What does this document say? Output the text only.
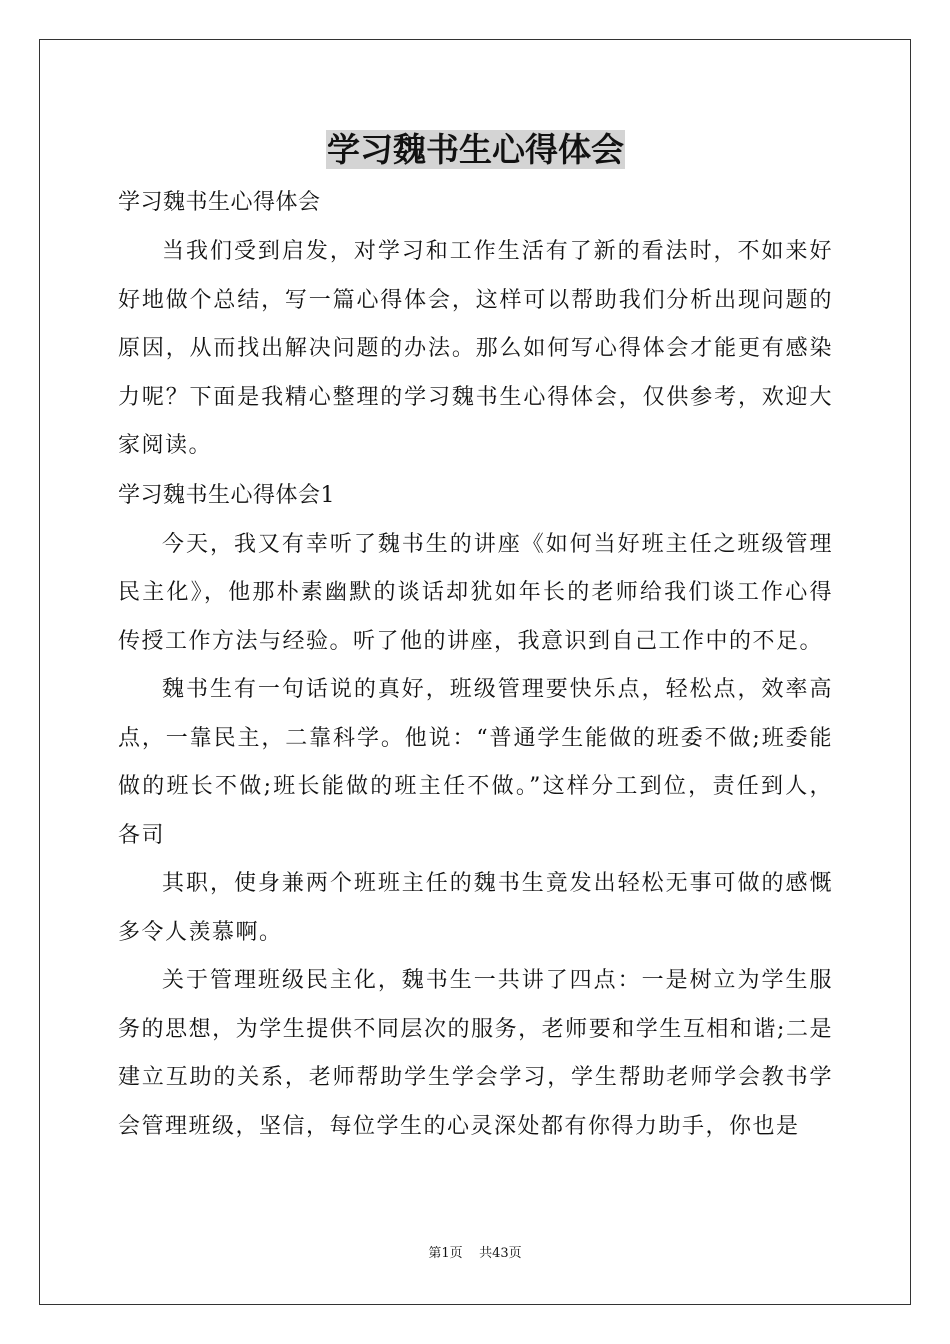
学习魏书生心得体会

学习魏书生心得体会

当我们受到启发，对学习和工作生活有了新的看法时，不如来好好地做个总结，写一篇心得体会，这样可以帮助我们分析出现问题的原因，从而找出解决问题的办法。那么如何写心得体会才能更有感染力呢？下面是我精心整理的学习魏书生心得体会，仅供参考，欢迎大家阅读。

学习魏书生心得体会1

今天，我又有幸听了魏书生的讲座《如何当好班主任之班级管理民主化》，他那朴素幽默的谈话却犹如年长的老师给我们谈工作心得传授工作方法与经验。听了他的讲座，我意识到自己工作中的不足。

魏书生有一句话说的真好，班级管理要快乐点，轻松点，效率高点，一靠民主，二靠科学。他说：“普通学生能做的班委不做;班委能做的班长不做;班长能做的班主任不做。”这样分工到位，责任到人，各司

其职，使身兼两个班班主任的魏书生竟发出轻松无事可做的感慨多令人羡慕啊。

关于管理班级民主化，魏书生一共讲了四点：一是树立为学生服务的思想，为学生提供不同层次的服务，老师要和学生互相和谐;二是建立互助的关系，老师帮助学生学会学习，学生帮助老师学会教书学会管理班级，坚信，每位学生的心灵深处都有你得力助手，你也是

第1页 共43页
